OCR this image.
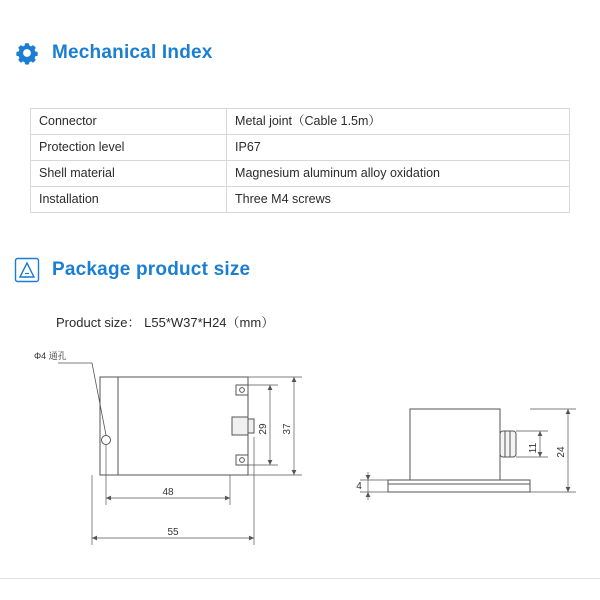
Mechanical Index
Connector	Metal joint（Cable 1.5m）
Protection level	IP67
Shell material	Magnesium aluminum alloy oxidation
Installation	Three M4 screws
Package product size
Product size： L55*W37*H24（mm）
Φ4 通孔
29 37
48
55
4
11 24
